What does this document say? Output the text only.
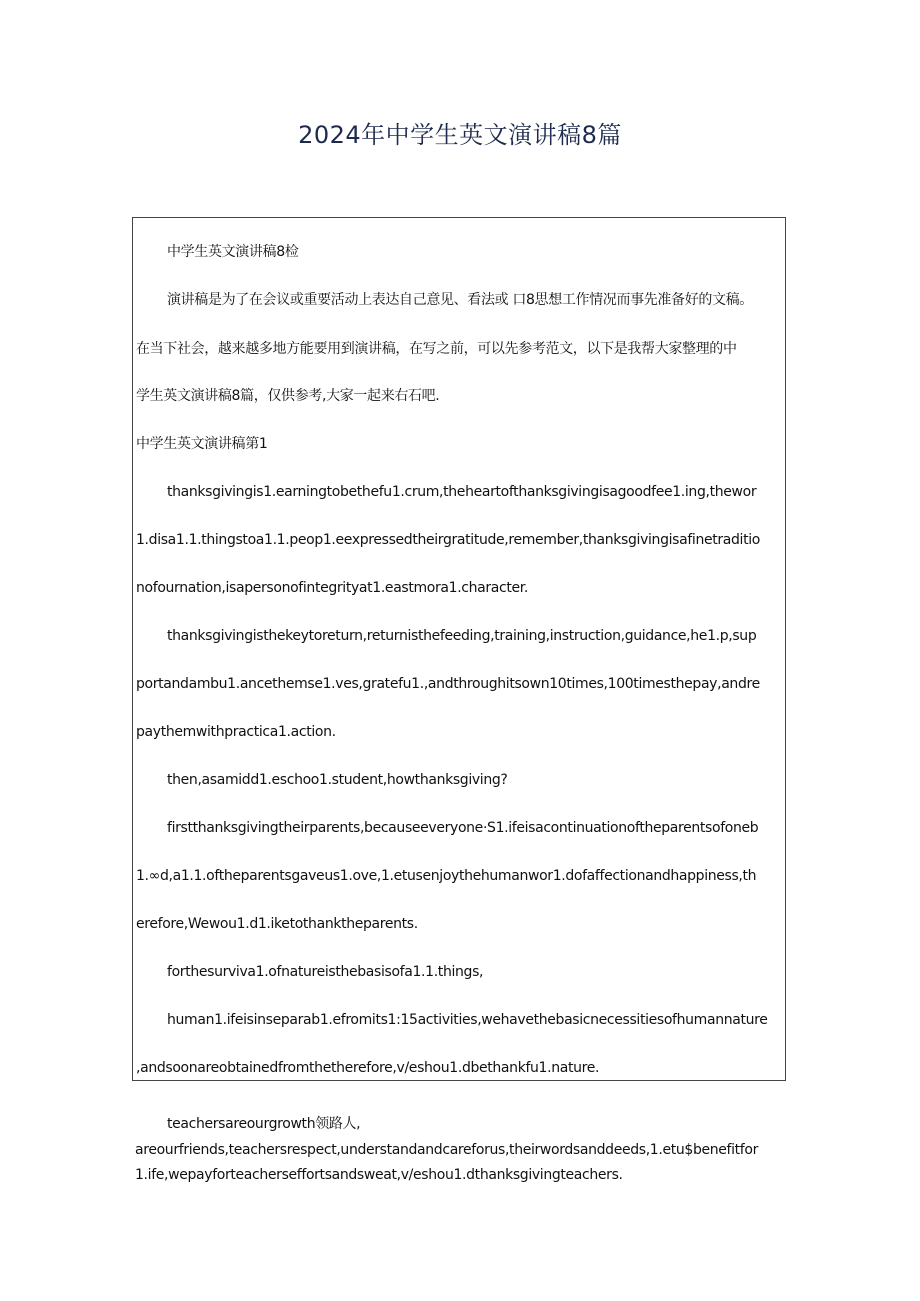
2024年中学生英文演讲稿8篇
中学生英文演讲稿8检
演讲稿是为了在会议或重要活动上表达自己意见、看法或 口8思想工作情况而事先准备好的文稿。
在当下社会，越来越多地方能要用到演讲稿，在写之前，可以先参考范文，以下是我帮大家整理的中
学生英文演讲稿8篇，仅供参考,大家一起来右石吧.
中学生英文演讲稿第1
thanksgivingis1.earningtobethefu1.crum,theheartofthanksgivingisagoodfee1.ing,thewor
1.disa1.1.thingstoa1.1.peop1.eexpressedtheirgratitude,remember,thanksgivingisafinetraditio
nofournation,isapersonofintegrityat1.eastmora1.character.
thanksgivingisthekeytoreturn,returnisthefeeding,training,instruction,guidance,he1.p,sup
portandambu1.ancethemse1.ves,gratefu1.,andthroughitsown10times,100timesthepay,andre
paythemwithpractica1.action.
then,asamidd1.eschoo1.student,howthanksgiving?
firstthanksgivingtheirparents,becauseeveryone·S1.ifeisacontinuationoftheparentsofoneb
1.∞d,a1.1.oftheparentsgaveus1.ove,1.etusenjoythehumanwor1.dofaffectionandhappiness,th
erefore,Wewou1.d1.iketothanktheparents.
forthesurviva1.ofnatureisthebasisofa1.1.things,
human1.ifeisinseparab1.efromits1:15activities,wehavethebasicnecessitiesofhumannature
,andsoonareobtainedfromthetherefore,v/eshou1.dbethankfu1.nature.
teachersareourgrowth领路人,
areourfriends,teachersrespect,understandandcareforus,theirwordsanddeeds,1.etu$benefitfor
1.ife,wepayforteacherseffortsandsweat,v/eshou1.dthanksgivingteachers.
